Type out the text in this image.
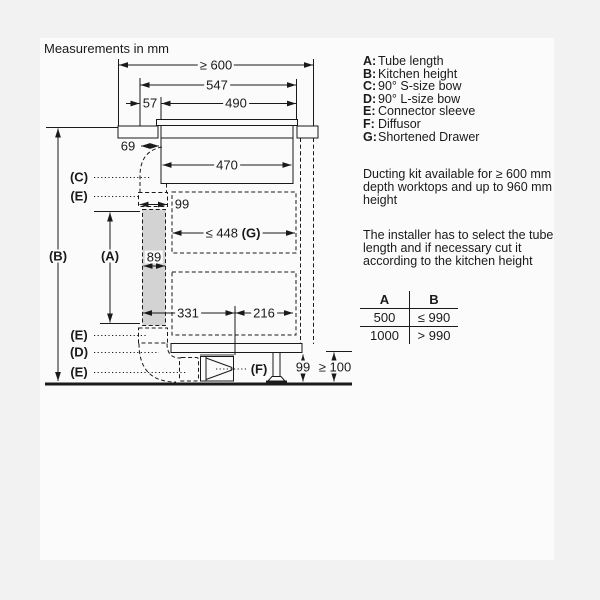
Measurements in mm
≥ 600
547
57	490
69
470
99
(C)
(E)
≤ 448 (G)
(B)	(A) 89
331	216
(E)
(D)
(E)	(F) 99 ≥ 100
A: Tube length
B: Kitchen height
C: 90° S-size bow
D: 90° L-size bow
E: Connector sleeve
F: Diffusor
G: Shortened Drawer
Ducting kit available for ≥ 600 mm depth worktops and up to 960 mm height
The installer has to select the tube length and if necessary cut it according to the kitchen height
A	B
500	≤ 990
1000	> 990
